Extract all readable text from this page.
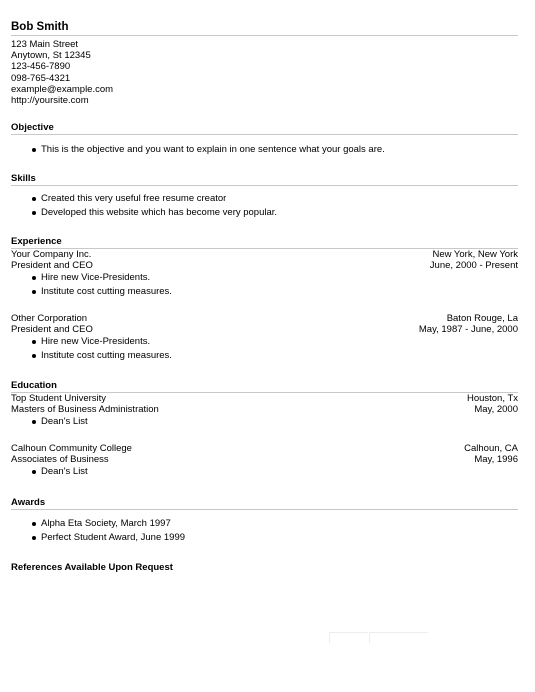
Bob Smith
123 Main Street
Anytown, St 12345
123-456-7890
098-765-4321
example@example.com
http://yoursite.com
Objective
This is the objective and you want to explain in one sentence what your goals are.
Skills
Created this very useful free resume creator
Developed this website which has become very popular.
Experience
Your Company Inc.	New York, New York
President and CEO	June, 2000 - Present
Hire new Vice-Presidents.
Institute cost cutting measures.
Other Corporation	Baton Rouge, La
President and CEO	May, 1987 - June, 2000
Hire new Vice-Presidents.
Institute cost cutting measures.
Education
Top Student University	Houston, Tx
Masters of Business Administration	May, 2000
Dean's List
Calhoun Community College	Calhoun, CA
Associates of Business	May, 1996
Dean's List
Awards
Alpha Eta Society, March 1997
Perfect Student Award, June 1999
References Available Upon Request
